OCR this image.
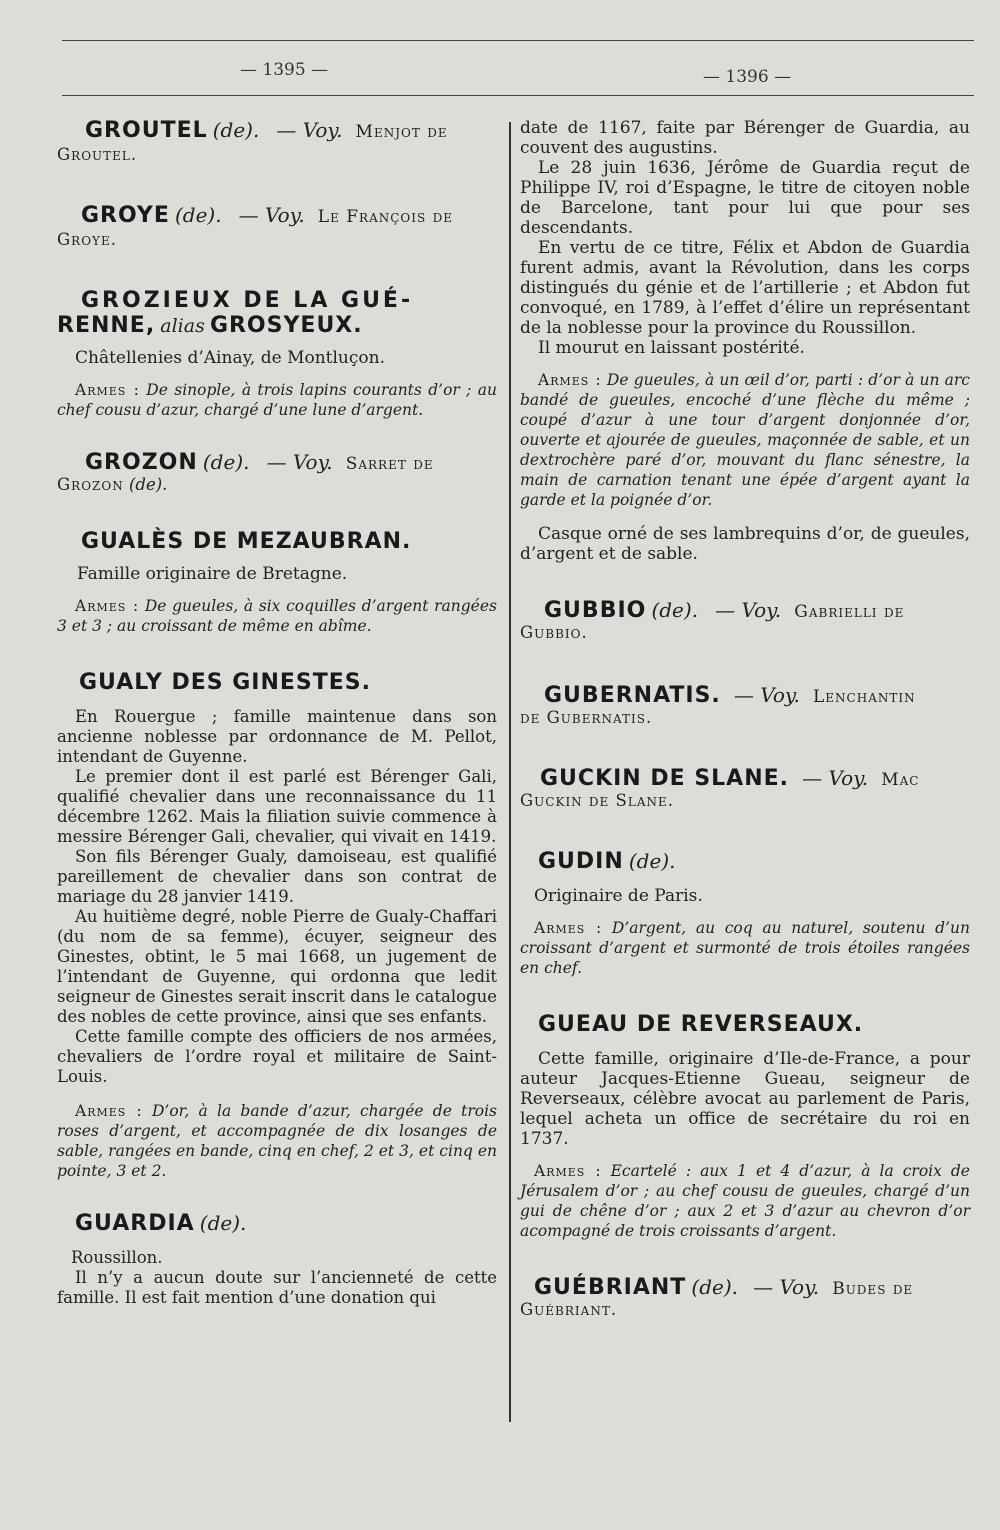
— 1395 —	— 1396 —
GROUTEL (de). — Voy. Menjot de
Groutel.
GROYE (de). — Voy. Le François de
Groye.
GROZIEUX DE LA GUÉ-
RENNE, alias GROSYEUX.

Châtellenies d’Ainay, de Montluçon.

Armes : De sinople, à trois lapins courants d’or ; au chef cousu d’azur, chargé d’une lune d’argent.

GROZON (de). — Voy. Sarret de
Grozon (de).
GUALÈS DE MEZAUBRAN.

Famille originaire de Bretagne.

Armes : De gueules, à six coquilles d’argent rangées 3 et 3 ; au croissant de même en abîme.

GUALY DES GINESTES.

En Rouergue ; famille maintenue dans son ancienne noblesse par ordonnance de M. Pellot, intendant de Guyenne.

Le premier dont il est parlé est Bérenger Gali, qualifié chevalier dans une reconnaissance du 11 décembre 1262. Mais la filiation suivie commence à messire Bérenger Gali, chevalier, qui vivait en 1419.

Son fils Bérenger Gualy, damoiseau, est qualifié pareillement de chevalier dans son contrat de mariage du 28 janvier 1419.

Au huitième degré, noble Pierre de Gualy-Chaffari (du nom de sa femme), écuyer, seigneur des Ginestes, obtint, le 5 mai 1668, un jugement de l’intendant de Guyenne, qui ordonna que ledit seigneur de Ginestes serait inscrit dans le catalogue des nobles de cette province, ainsi que ses enfants.

Cette famille compte des officiers de nos armées, chevaliers de l’ordre royal et militaire de Saint-Louis.

Armes : D’or, à la bande d’azur, chargée de trois roses d’argent, et accompagnée de dix losanges de sable, rangées en bande, cinq en chef, 2 et 3, et cinq en pointe, 3 et 2.

GUARDIA (de).

Roussillon.

Il n’y a aucun doute sur l’ancienneté de cette famille. Il est fait mention d’une donation qui

date de 1167, faite par Bérenger de Guardia, au couvent des augustins.

Le 28 juin 1636, Jérôme de Guardia reçut de Philippe IV, roi d’Espagne, le titre de citoyen noble de Barcelone, tant pour lui que pour ses descendants.

En vertu de ce titre, Félix et Abdon de Guardia furent admis, avant la Révolution, dans les corps distingués du génie et de l’artillerie ; et Abdon fut convoqué, en 1789, à l’effet d’élire un représentant de la noblesse pour la province du Roussillon.

Il mourut en laissant postérité.

Armes : De gueules, à un œil d’or, parti : d’or à un arc bandé de gueules, encoché d’une flèche du même ; coupé d’azur à une tour d’argent donjonnée d’or, ouverte et ajourée de gueules, maçonnée de sable, et un dextrochère paré d’or, mouvant du flanc sénestre, la main de carnation tenant une épée d’argent ayant la garde et la poignée d’or.

Casque orné de ses lambrequins d’or, de gueules, d’argent et de sable.

GUBBIO (de). — Voy. Gabrielli de
Gubbio.
GUBERNATIS. — Voy. Lenchantin
de Gubernatis.
GUCKIN DE SLANE. — Voy. Mac
Guckin de Slane.
GUDIN (de).

Originaire de Paris.

Armes : D’argent, au coq au naturel, soutenu d’un croissant d’argent et surmonté de trois étoiles rangées en chef.

GUEAU DE REVERSEAUX.

Cette famille, originaire d’Ile-de-France, a pour auteur Jacques-Etienne Gueau, seigneur de Reverseaux, célèbre avocat au parlement de Paris, lequel acheta un office de secrétaire du roi en 1737.

Armes : Ecartelé : aux 1 et 4 d’azur, à la croix de Jérusalem d’or ; au chef cousu de gueules, chargé d’un gui de chêne d’or ; aux 2 et 3 d’azur au chevron d’or acompagné de trois croissants d’argent.

GUÉBRIANT (de). — Voy. Budes de
Guébriant.
